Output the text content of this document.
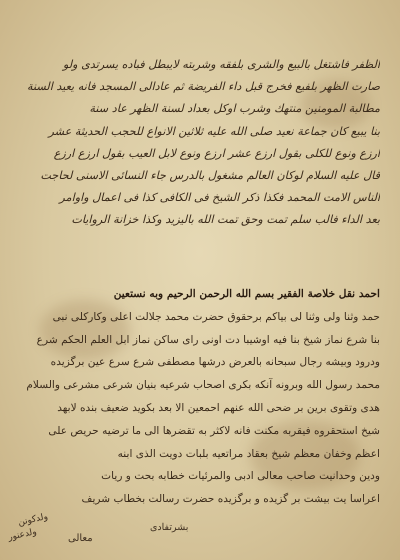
الظفر فاشتغل بالبيع والشرى بلفقه وشربته لايبطل فباده يسرتدى ولو
صارت الظهر بلفيع فخرج قبل داء الفريضة ثم عادالى المسجد فانه يعيد السنة
مطالبة المومنين منتهك وشرب اوكل بعداد لسنة الظهر عاد سنة
بنا يبيع كان جماعة نعيد صلى الله عليه ثلاثين الانواع للحجب الحديثة عشر
ارزع ونوع للكلى بقول ارزع عشر ارزع ونوع لابل العيب بقول ارزع ارزع
قال عليه السلام لوكان العالم مشغول بالدرس جاء النسائى الاسنى لحاجت
الناس الامت المحمد فكذا ذكر الشيخ فى الكافى كذا فى اعمال واوامر
بعد الداء فالب سلم تمت وحق تمت الله باليزيد وكذا خزانة الروايات
احمد نقل خلاصة الفقير بسم الله الرحمن الرحيم وبه نستعين
حمد وثنا ولى وثنا لى بياكم برحقوق حضرت محمد جلالت اعلى وكاركلى نبى
بنا شرع نماز شيخ بنا فيه اوشيبا دت اونى راى ساكن نماز ابل العلم الحكم شرع
ودرود وبيشه رجال سبحانه بالعرض درشها مصطفى شرع سرع عين برگزيده
محمد رسول الله وبرونه آنكه بكرى اصحاب شرعيه بنيان شرعى مشرعى والسلام
هدى وتقوى برين بر ضحى الله عنهم احمعين الا بعد بكويد ضعيف بنده لابهد
شيخ استحقروه فيقربه مكنت فانه لاكثر به تقضرها الى ما ترضيه حريص على
اعظم وخفان معظم شيخ بعقاد مراتعيه بلبات دويت الذى ابنه
ودين وحدانيت صاحب معالى ادبى والمرئيات خطابه بحت و ريات
اعراسا يت بيشت بر گزيده و برگزيده حضرت رسالت بخطاب شريف
ولدكونن
معالى
بشرتفادى
ولدعنور
